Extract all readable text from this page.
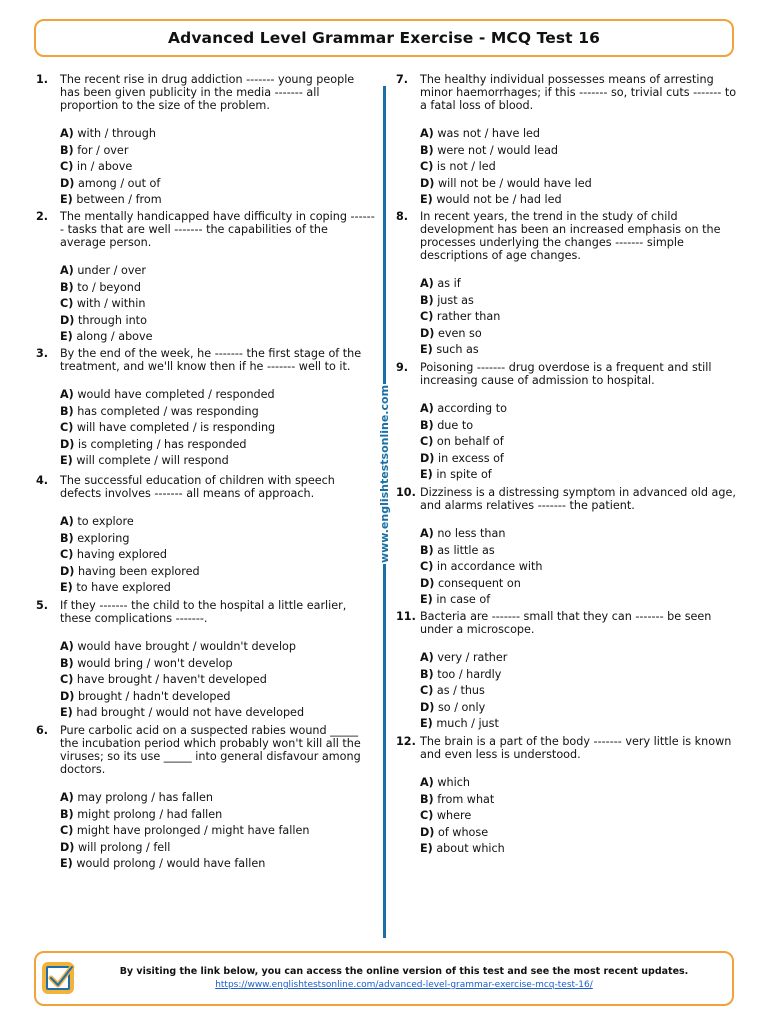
Advanced Level Grammar Exercise - MCQ Test 16
1. The recent rise in drug addiction ------- young people has been given publicity in the media ------- all proportion to the size of the problem.
A) with / through
B) for / over
C) in / above
D) among / out of
E) between / from
2. The mentally handicapped have difficulty in coping ------- tasks that are well ------- the capabilities of the average person.
A) under / over
B) to / beyond
C) with / within
D) through into
E) along / above
3. By the end of the week, he ------- the first stage of the treatment, and we'll know then if he ------- well to it.
A) would have completed / responded
B) has completed / was responding
C) will have completed / is responding
D) is completing / has responded
E) will complete / will respond
4. The successful education of children with speech defects involves ------- all means of approach.
A) to explore
B) exploring
C) having explored
D) having been explored
E) to have explored
5. If they ------- the child to the hospital a little earlier, these complications -------.
A) would have brought / wouldn't develop
B) would bring / won't develop
C) have brought / haven't developed
D) brought / hadn't developed
E) had brought / would not have developed
6. Pure carbolic acid on a suspected rabies wound _____ the incubation period which probably won't kill all the viruses; so its use _____ into general disfavour among doctors.
A) may prolong / has fallen
B) might prolong / had fallen
C) might have prolonged / might have fallen
D) will prolong / fell
E) would prolong / would have fallen
7. The healthy individual possesses means of arresting minor haemorrhages; if this ------- so, trivial cuts ------- to a fatal loss of blood.
A) was not / have led
B) were not / would lead
C) is not / led
D) will not be / would have led
E) would not be / had led
8. In recent years, the trend in the study of child development has been an increased emphasis on the processes underlying the changes ------- simple descriptions of age changes.
A) as if
B) just as
C) rather than
D) even so
E) such as
9. Poisoning ------- drug overdose is a frequent and still increasing cause of admission to hospital.
A) according to
B) due to
C) on behalf of
D) in excess of
E) in spite of
10. Dizziness is a distressing symptom in advanced old age, and alarms relatives ------- the patient.
A) no less than
B) as little as
C) in accordance with
D) consequent on
E) in case of
11. Bacteria are ------- small that they can ------- be seen under a microscope.
A) very / rather
B) too / hardly
C) as / thus
D) so / only
E) much / just
12. The brain is a part of the body ------- very little is known and even less is understood.
A) which
B) from what
C) where
D) of whose
E) about which
www.englishtestsonline.com
By visiting the link below, you can access the online version of this test and see the most recent updates.
https://www.englishtestsonline.com/advanced-level-grammar-exercise-mcq-test-16/
